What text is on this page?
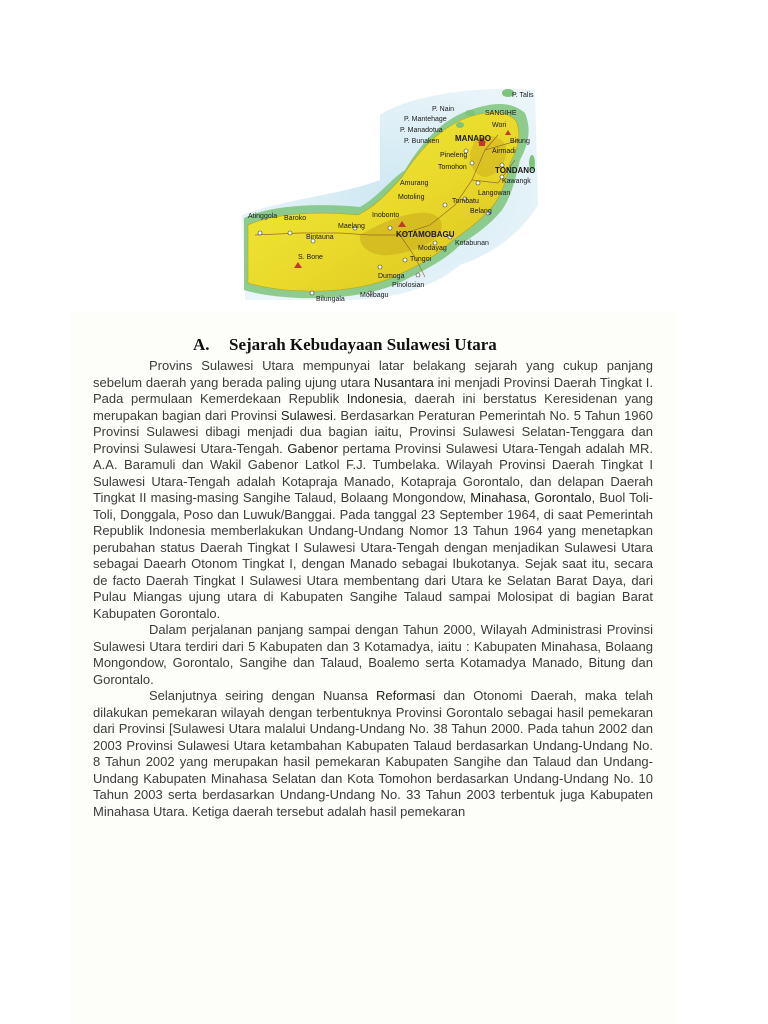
P. Talis
SANGIHE
P. Nain
P. Mantehage
P. Manadotua
P. Bunaken MANADO
Wori
Bitung
Airmadi
Pineleng
Tomohon	TONDANO
Amurang	Kawangk
Langowan
Motoling
Tombatu
Belang
Inobonto
Maelang
KOTAMOBAGU
Kotabunan
Modayag
Tungoi
Dumoga
Pinolosian
Molibagu
Bilungala
Bintauna
Baroko
Atinggola
S. Bone
A. Sejarah Kebudayaan Sulawesi Utara

Provins Sulawesi Utara mempunyai latar belakang sejarah yang cukup panjang sebelum daerah yang berada paling ujung utara Nusantara ini menjadi Provinsi Daerah Tingkat I. Pada permulaan Kemerdekaan Republik Indonesia, daerah ini berstatus Keresidenan yang merupakan bagian dari Provinsi Sulawesi. Berdasarkan Peraturan Pemerintah No. 5 Tahun 1960 Provinsi Sulawesi dibagi menjadi dua bagian iaitu, Provinsi Sulawesi Selatan-Tenggara dan Provinsi Sulawesi Utara-Tengah. Gabenor pertama Provinsi Sulawesi Utara-Tengah adalah MR. A.A. Baramuli dan Wakil Gabenor Latkol F.J. Tumbelaka. Wilayah Provinsi Daerah Tingkat I Sulawesi Utara-Tengah adalah Kotapraja Manado, Kotapraja Gorontalo, dan delapan Daerah Tingkat II masing-masing Sangihe Talaud, Bolaang Mongondow, Minahasa, Gorontalo, Buol Toli-Toli, Donggala, Poso dan Luwuk/Banggai. Pada tanggal 23 September 1964, di saat Pemerintah Republik Indonesia memberlakukan Undang-Undang Nomor 13 Tahun 1964 yang menetapkan perubahan status Daerah Tingkat I Sulawesi Utara-Tengah dengan menjadikan Sulawesi Utara sebagai Daearh Otonom Tingkat I, dengan Manado sebagai Ibukotanya. Sejak saat itu, secara de facto Daerah Tingkat I Sulawesi Utara membentang dari Utara ke Selatan Barat Daya, dari Pulau Miangas ujung utara di Kabupaten Sangihe Talaud sampai Molosipat di bagian Barat Kabupaten Gorontalo.

Dalam perjalanan panjang sampai dengan Tahun 2000, Wilayah Administrasi Provinsi Sulawesi Utara terdiri dari 5 Kabupaten dan 3 Kotamadya, iaitu : Kabupaten Minahasa, Bolaang Mongondow, Gorontalo, Sangihe dan Talaud, Boalemo serta Kotamadya Manado, Bitung dan Gorontalo.

Selanjutnya seiring dengan Nuansa Reformasi dan Otonomi Daerah, maka telah dilakukan pemekaran wilayah dengan terbentuknya Provinsi Gorontalo sebagai hasil pemekaran dari Provinsi [Sulawesi Utara malalui Undang-Undang No. 38 Tahun 2000. Pada tahun 2002 dan 2003 Provinsi Sulawesi Utara ketambahan Kabupaten Talaud berdasarkan Undang-Undang No. 8 Tahun 2002 yang merupakan hasil pemekaran Kabupaten Sangihe dan Talaud dan Undang-Undang Kabupaten Minahasa Selatan dan Kota Tomohon berdasarkan Undang-Undang No. 10 Tahun 2003 serta berdasarkan Undang-Undang No. 33 Tahun 2003 terbentuk juga Kabupaten Minahasa Utara. Ketiga daerah tersebut adalah hasil pemekaran
